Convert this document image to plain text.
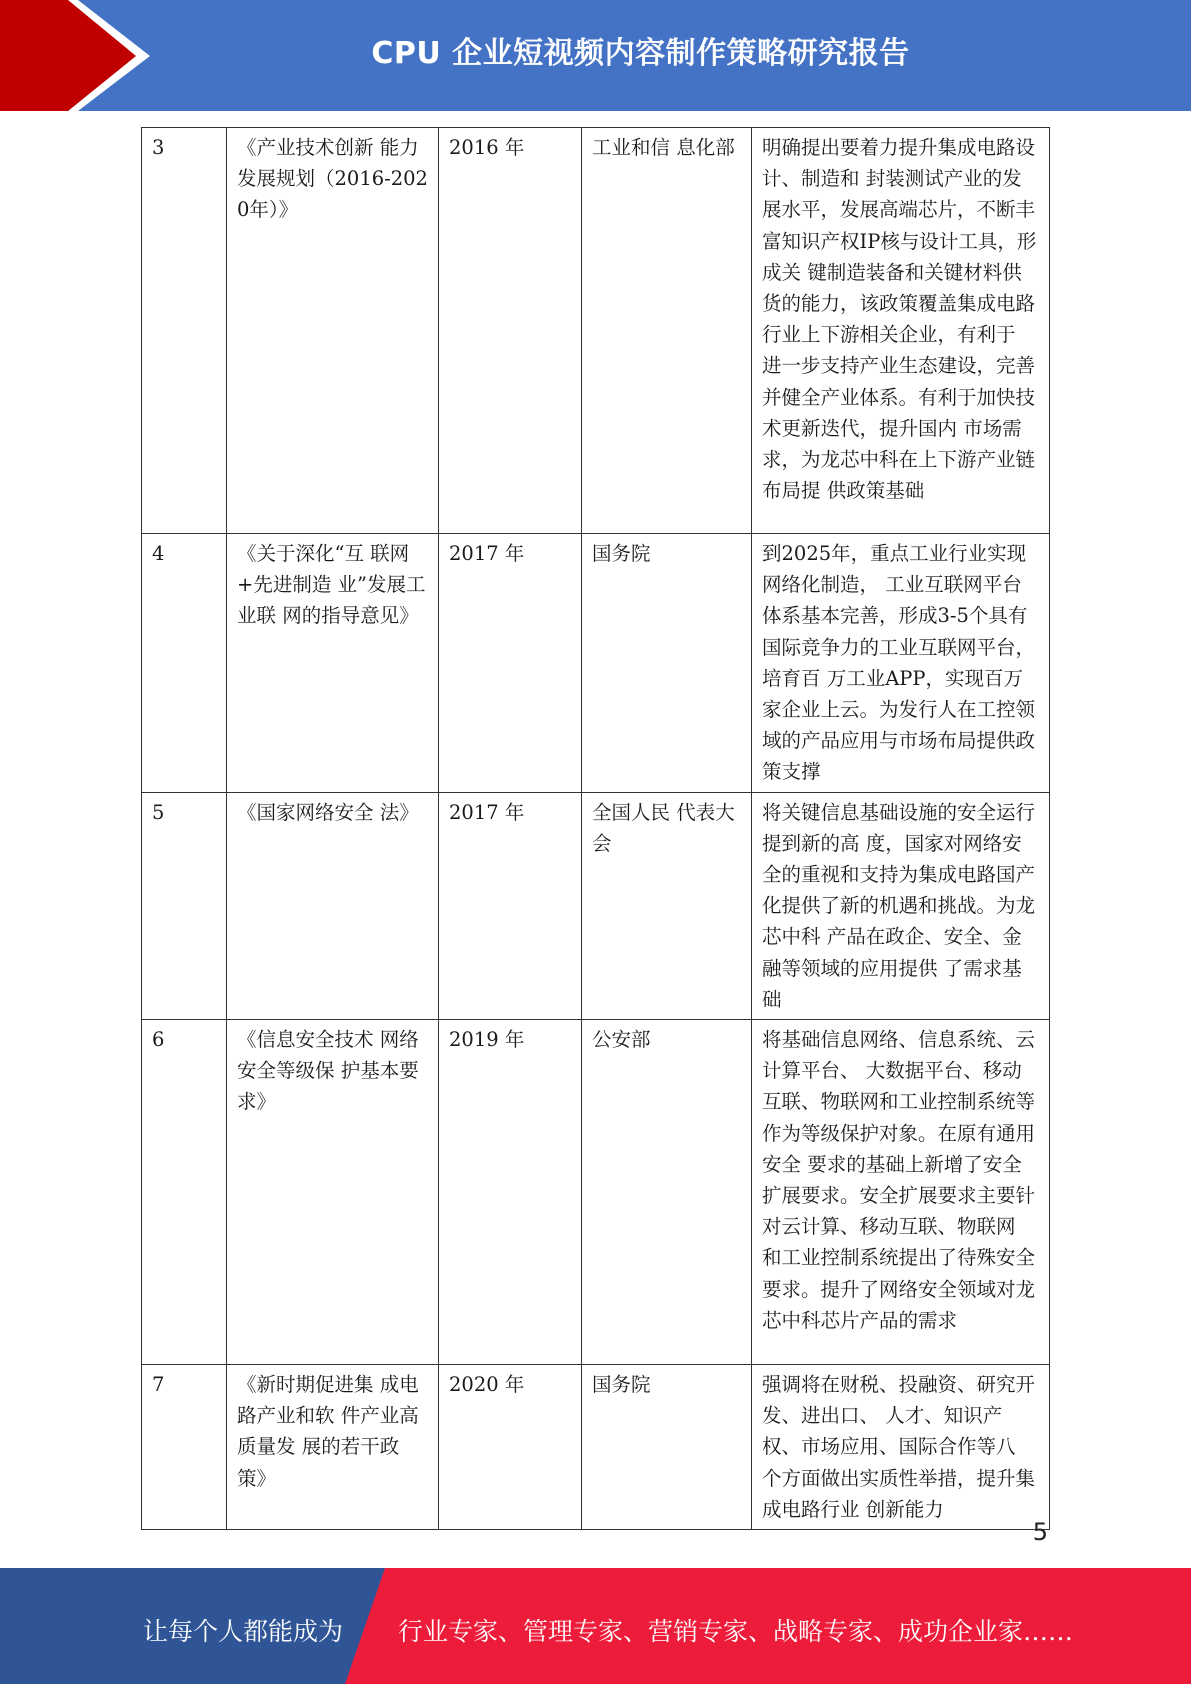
CPU 企业短视频内容制作策略研究报告
3	《产业技术创新 能力发展规划（2016-2020年）》	2016 年	工业和信 息化部	明确提出要着力提升集成电路设计、制造和 封装测试产业的发展水平，发展高端芯片，不断丰富知识产权IP核与设计工具，形成关 键制造装备和关键材料供货的能力，该政策覆盖集成电路行业上下游相关企业，有利于 进一步支持产业生态建设，完善并健全产业体系。有利于加快技术更新迭代，提升国内 市场需求，为龙芯中科在上下游产业链布局提 供政策基础
4	《关于深化“互 联网+先进制造 业”发展工业联 网的指导意见》	2017 年	国务院	到2025年，重点工业行业实现网络化制造， 工业互联网平台体系基本完善，形成3-5个具有国际竞争力的工业互联网平台，培育百 万工业APP，实现百万家企业上云。为发行人在工控领域的产品应用与市场布局提供政 策支撑
5	《国家网络安全 法》	2017 年	全国人民 代表大会	将关键信息基础设施的安全运行提到新的高 度，国家对网络安全的重视和支持为集成电路国产化提供了新的机遇和挑战。为龙芯中科 产品在政企、安全、金融等领域的应用提供 了需求基础
6	《信息安全技术 网络安全等级保 护基本要求》	2019 年	公安部	将基础信息网络、信息系统、云计算平台、 大数据平台、移动互联、物联网和工业控制系统等作为等级保护对象。在原有通用安全 要求的基础上新增了安全扩展要求。安全扩展要求主要针对云计算、移动互联、物联网 和工业控制系统提出了待殊安全要求。提升了网络安全领域对龙芯中科芯片产品的需求
7	《新时期促进集 成电路产业和软 件产业高质量发 展的若干政策》	2020 年	国务院	强调将在财税、投融资、研究开发、进出口、 人才、知识产权、市场应用、国际合作等八 个方面做出实质性举措，提升集成电路行业 创新能力
5
让每个人都能成为 行业专家、管理专家、营销专家、战略专家、成功企业家……
